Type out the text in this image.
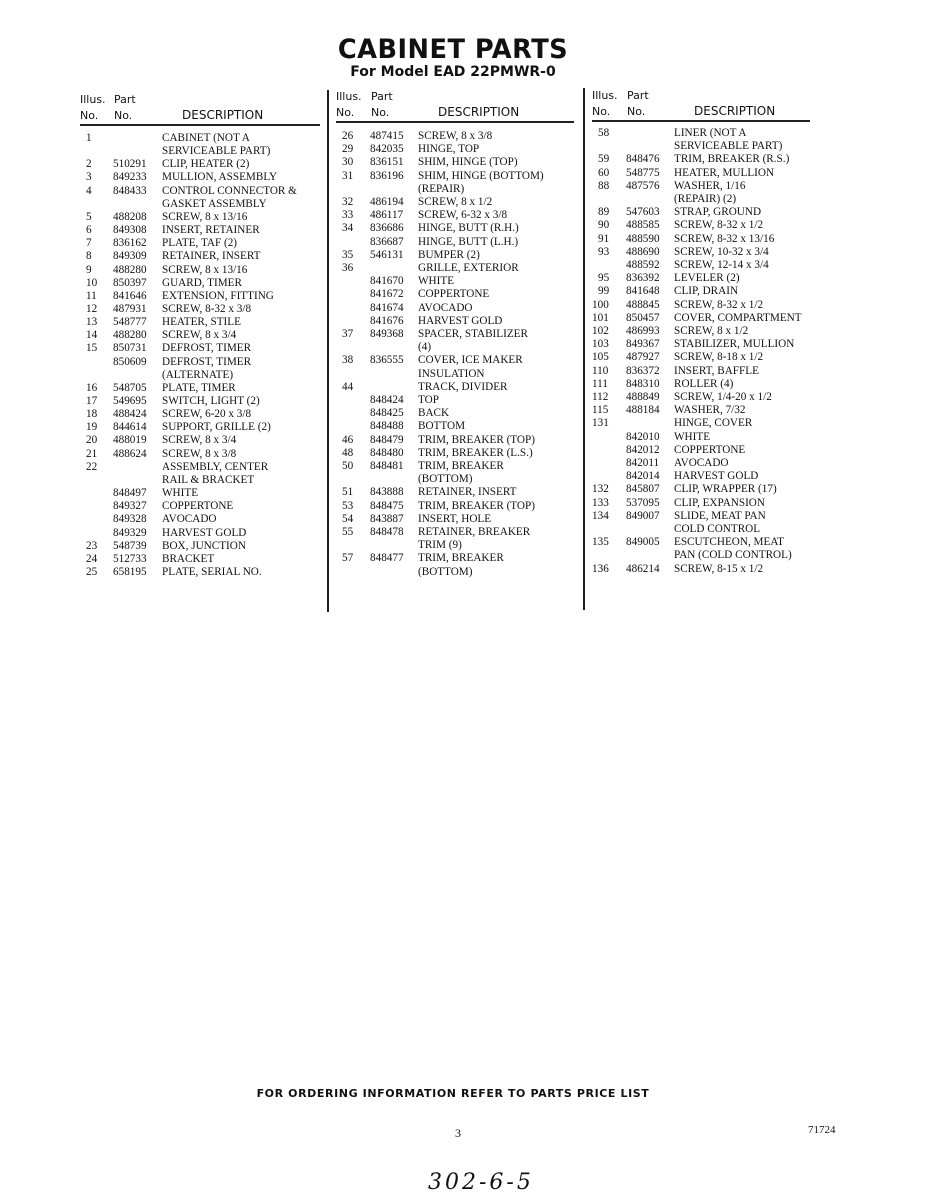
CABINET PARTS
For Model EAD 22PMWR-0
Illus. Part
No. No.	DESCRIPTION
1	CABINET (NOT A
SERVICEABLE PART)
2 510291 CLIP, HEATER (2)
3 849233 MULLION, ASSEMBLY
4 848433 CONTROL CONNECTOR &
GASKET ASSEMBLY
5 488208 SCREW, 8 x 13/16
6 849308 INSERT, RETAINER
7 836162 PLATE, TAF (2)
8 849309 RETAINER, INSERT
9 488280 SCREW, 8 x 13/16
10 850397 GUARD, TIMER
11 841646 EXTENSION, FITTING
12 487931 SCREW, 8-32 x 3/8
13 548777 HEATER, STILE
14 488280 SCREW, 8 x 3/4
15 850731 DEFROST, TIMER
850609 DEFROST, TIMER
(ALTERNATE)
16 548705 PLATE, TIMER
17 549695 SWITCH, LIGHT (2)
18 488424 SCREW, 6-20 x 3/8
19 844614 SUPPORT, GRILLE (2)
20 488019 SCREW, 8 x 3/4
21 488624 SCREW, 8 x 3/8
22	ASSEMBLY, CENTER
RAIL & BRACKET
848497 WHITE
849327 COPPERTONE
849328 AVOCADO
849329 HARVEST GOLD
23 548739 BOX, JUNCTION
24 512733 BRACKET
25 658195 PLATE, SERIAL NO.
Illus. Part
No. No.	DESCRIPTION
26 487415 SCREW, 8 x 3/8
29 842035 HINGE, TOP
30 836151 SHIM, HINGE (TOP)
31 836196 SHIM, HINGE (BOTTOM)
(REPAIR)
32 486194 SCREW, 8 x 1/2
33 486117 SCREW, 6-32 x 3/8
34 836686 HINGE, BUTT (R.H.)
836687 HINGE, BUTT (L.H.)
35 546131 BUMPER (2)
36	GRILLE, EXTERIOR
841670 WHITE
841672 COPPERTONE
841674 AVOCADO
841676 HARVEST GOLD
37 849368 SPACER, STABILIZER
(4)
38 836555 COVER, ICE MAKER
INSULATION
44	TRACK, DIVIDER
848424 TOP
848425 BACK
848488 BOTTOM
46 848479 TRIM, BREAKER (TOP)
48 848480 TRIM, BREAKER (L.S.)
50 848481 TRIM, BREAKER
(BOTTOM)
51 843888 RETAINER, INSERT
53 848475 TRIM, BREAKER (TOP)
54 843887 INSERT, HOLE
55 848478 RETAINER, BREAKER
TRIM (9)
57 848477 TRIM, BREAKER
(BOTTOM)
Illus. Part
No. No.	DESCRIPTION
58	LINER (NOT A
SERVICEABLE PART)
59 848476 TRIM, BREAKER (R.S.)
60 548775 HEATER, MULLION
88 487576 WASHER, 1/16
(REPAIR) (2)
89 547603 STRAP, GROUND
90 488585 SCREW, 8-32 x 1/2
91 488590 SCREW, 8-32 x 13/16
93 488690 SCREW, 10-32 x 3/4
488592 SCREW, 12-14 x 3/4
95 836392 LEVELER (2)
99 841648 CLIP, DRAIN
100 488845 SCREW, 8-32 x 1/2
101 850457 COVER, COMPARTMENT
102 486993 SCREW, 8 x 1/2
103 849367 STABILIZER, MULLION
105 487927 SCREW, 8-18 x 1/2
110 836372 INSERT, BAFFLE
111 848310 ROLLER (4)
112 488849 SCREW, 1/4-20 x 1/2
115 488184 WASHER, 7/32
131	HINGE, COVER
842010 WHITE
842012 COPPERTONE
842011 AVOCADO
842014 HARVEST GOLD
132 845807 CLIP, WRAPPER (17)
133 537095 CLIP, EXPANSION
134 849007 SLIDE, MEAT PAN
COLD CONTROL
135 849005 ESCUTCHEON, MEAT
PAN (COLD CONTROL)
136 486214 SCREW, 8-15 x 1/2
FOR ORDERING INFORMATION REFER TO PARTS PRICE LIST
3	71724
302-6-5
